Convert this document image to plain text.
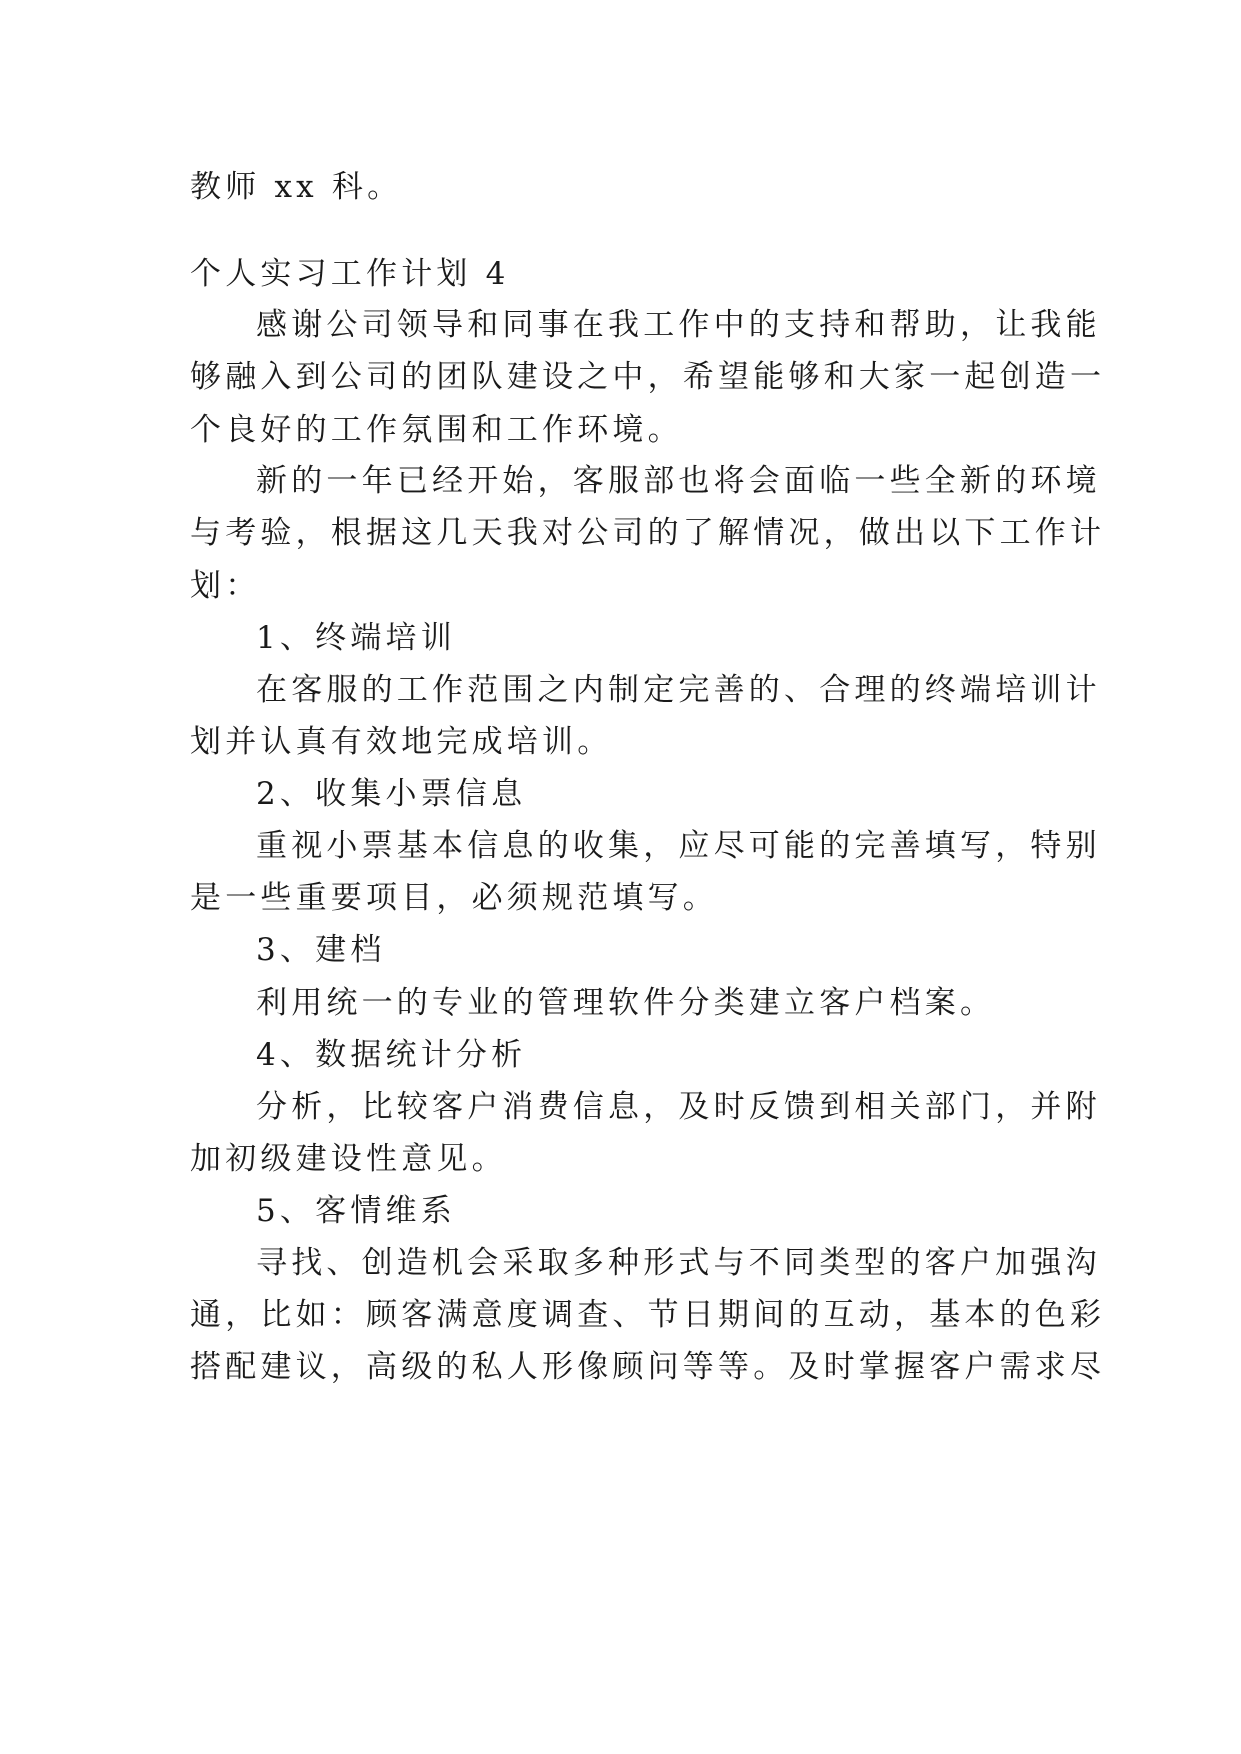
教师 xx 科。
个人实习工作计划 4
感谢公司领导和同事在我工作中的支持和帮助，让我能
够融入到公司的团队建设之中，希望能够和大家一起创造一
个良好的工作氛围和工作环境。
新的一年已经开始，客服部也将会面临一些全新的环境
与考验，根据这几天我对公司的了解情况，做出以下工作计
划：
1、终端培训
在客服的工作范围之内制定完善的、合理的终端培训计
划并认真有效地完成培训。
2、收集小票信息
重视小票基本信息的收集，应尽可能的完善填写，特别
是一些重要项目，必须规范填写。
3、建档
利用统一的专业的管理软件分类建立客户档案。
4、数据统计分析
分析，比较客户消费信息，及时反馈到相关部门，并附
加初级建设性意见。
5、客情维系
寻找、创造机会采取多种形式与不同类型的客户加强沟
通，比如：顾客满意度调查、节日期间的互动，基本的色彩
搭配建议，高级的私人形像顾问等等。及时掌握客户需求尽
